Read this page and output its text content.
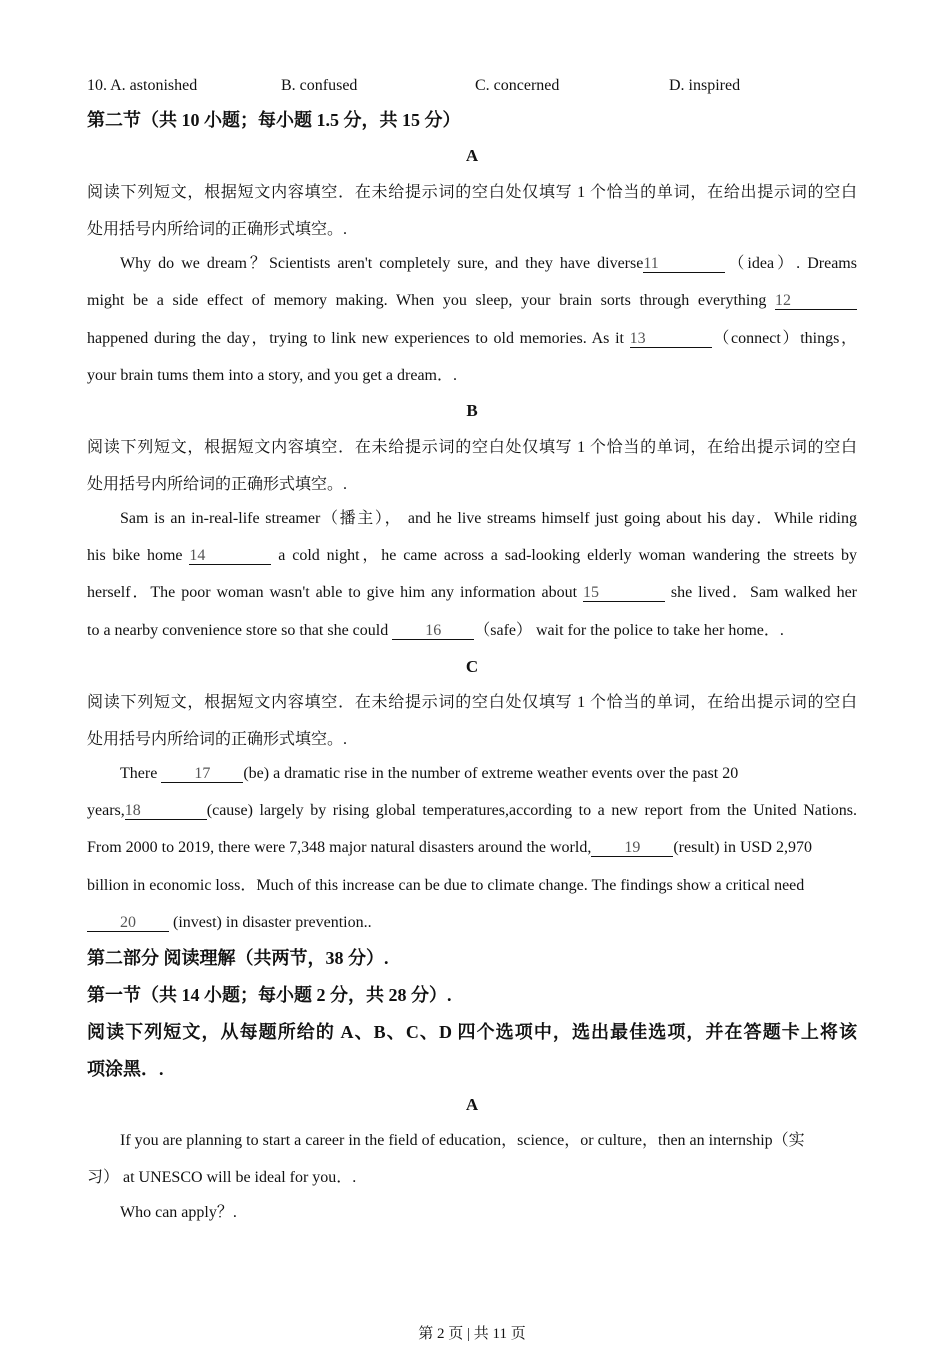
10. A. astonished	B. confused	C. concerned	D. inspired
第二节（共 10 小题；每小题 1.5 分，共 15 分）
A
阅读下列短文，根据短文内容填空．在未给提示词的空白处仅填写 1 个恰当的单词，在给出提示词的空白
处用括号内所给词的正确形式填空。.
Why do we dream？Scientists aren't completely sure, and they have diverse11	（idea）. Dreams
might be a side effect of memory making. When you sleep, your brain sorts through everything 12
happened during the day，trying to link new experiences to old memories. As it 13	（connect）things，
your brain tums them into a story, and you get a dream．.
B
阅读下列短文，根据短文内容填空．在未给提示词的空白处仅填写 1 个恰当的单词，在给出提示词的空白
处用括号内所给词的正确形式填空。.
Sam is an in-real-life streamer（播主）， and he live streams himself just going about his day．While riding
his bike home 14	a cold night，he came across a sad-looking elderly woman wandering the streets by
herself．The poor woman wasn't able to give him any information about 15	she lived．Sam walked her
to a nearby convenience store so that she could 16 （safe） wait for the police to take her home．.
C
阅读下列短文，根据短文内容填空．在未给提示词的空白处仅填写 1 个恰当的单词，在给出提示词的空白
处用括号内所给词的正确形式填空。.
There 17 (be) a dramatic rise in the number of extreme weather events over the past 20
years,18	(cause) largely by rising global temperatures,according to a new report from the United Nations.
From 2000 to 2019, there were 7,348 major natural disasters around the world, 19 (result) in USD 2,970
billion in economic loss．Much of this increase can be due to climate change. The findings show a critical need
20 (invest) in disaster prevention..
第二部分 阅读理解（共两节，38 分）.
第一节（共 14 小题；每小题 2 分，共 28 分）.
阅读下列短文，从每题所给的 A、B、C、D 四个选项中，选出最佳选项，并在答题卡上将该
项涂黑．.
A
If you are planning to start a career in the field of education，science，or culture，then an internship（实
习） at UNESCO will be ideal for you．.
Who can apply？.
第 2 页 | 共 11 页
